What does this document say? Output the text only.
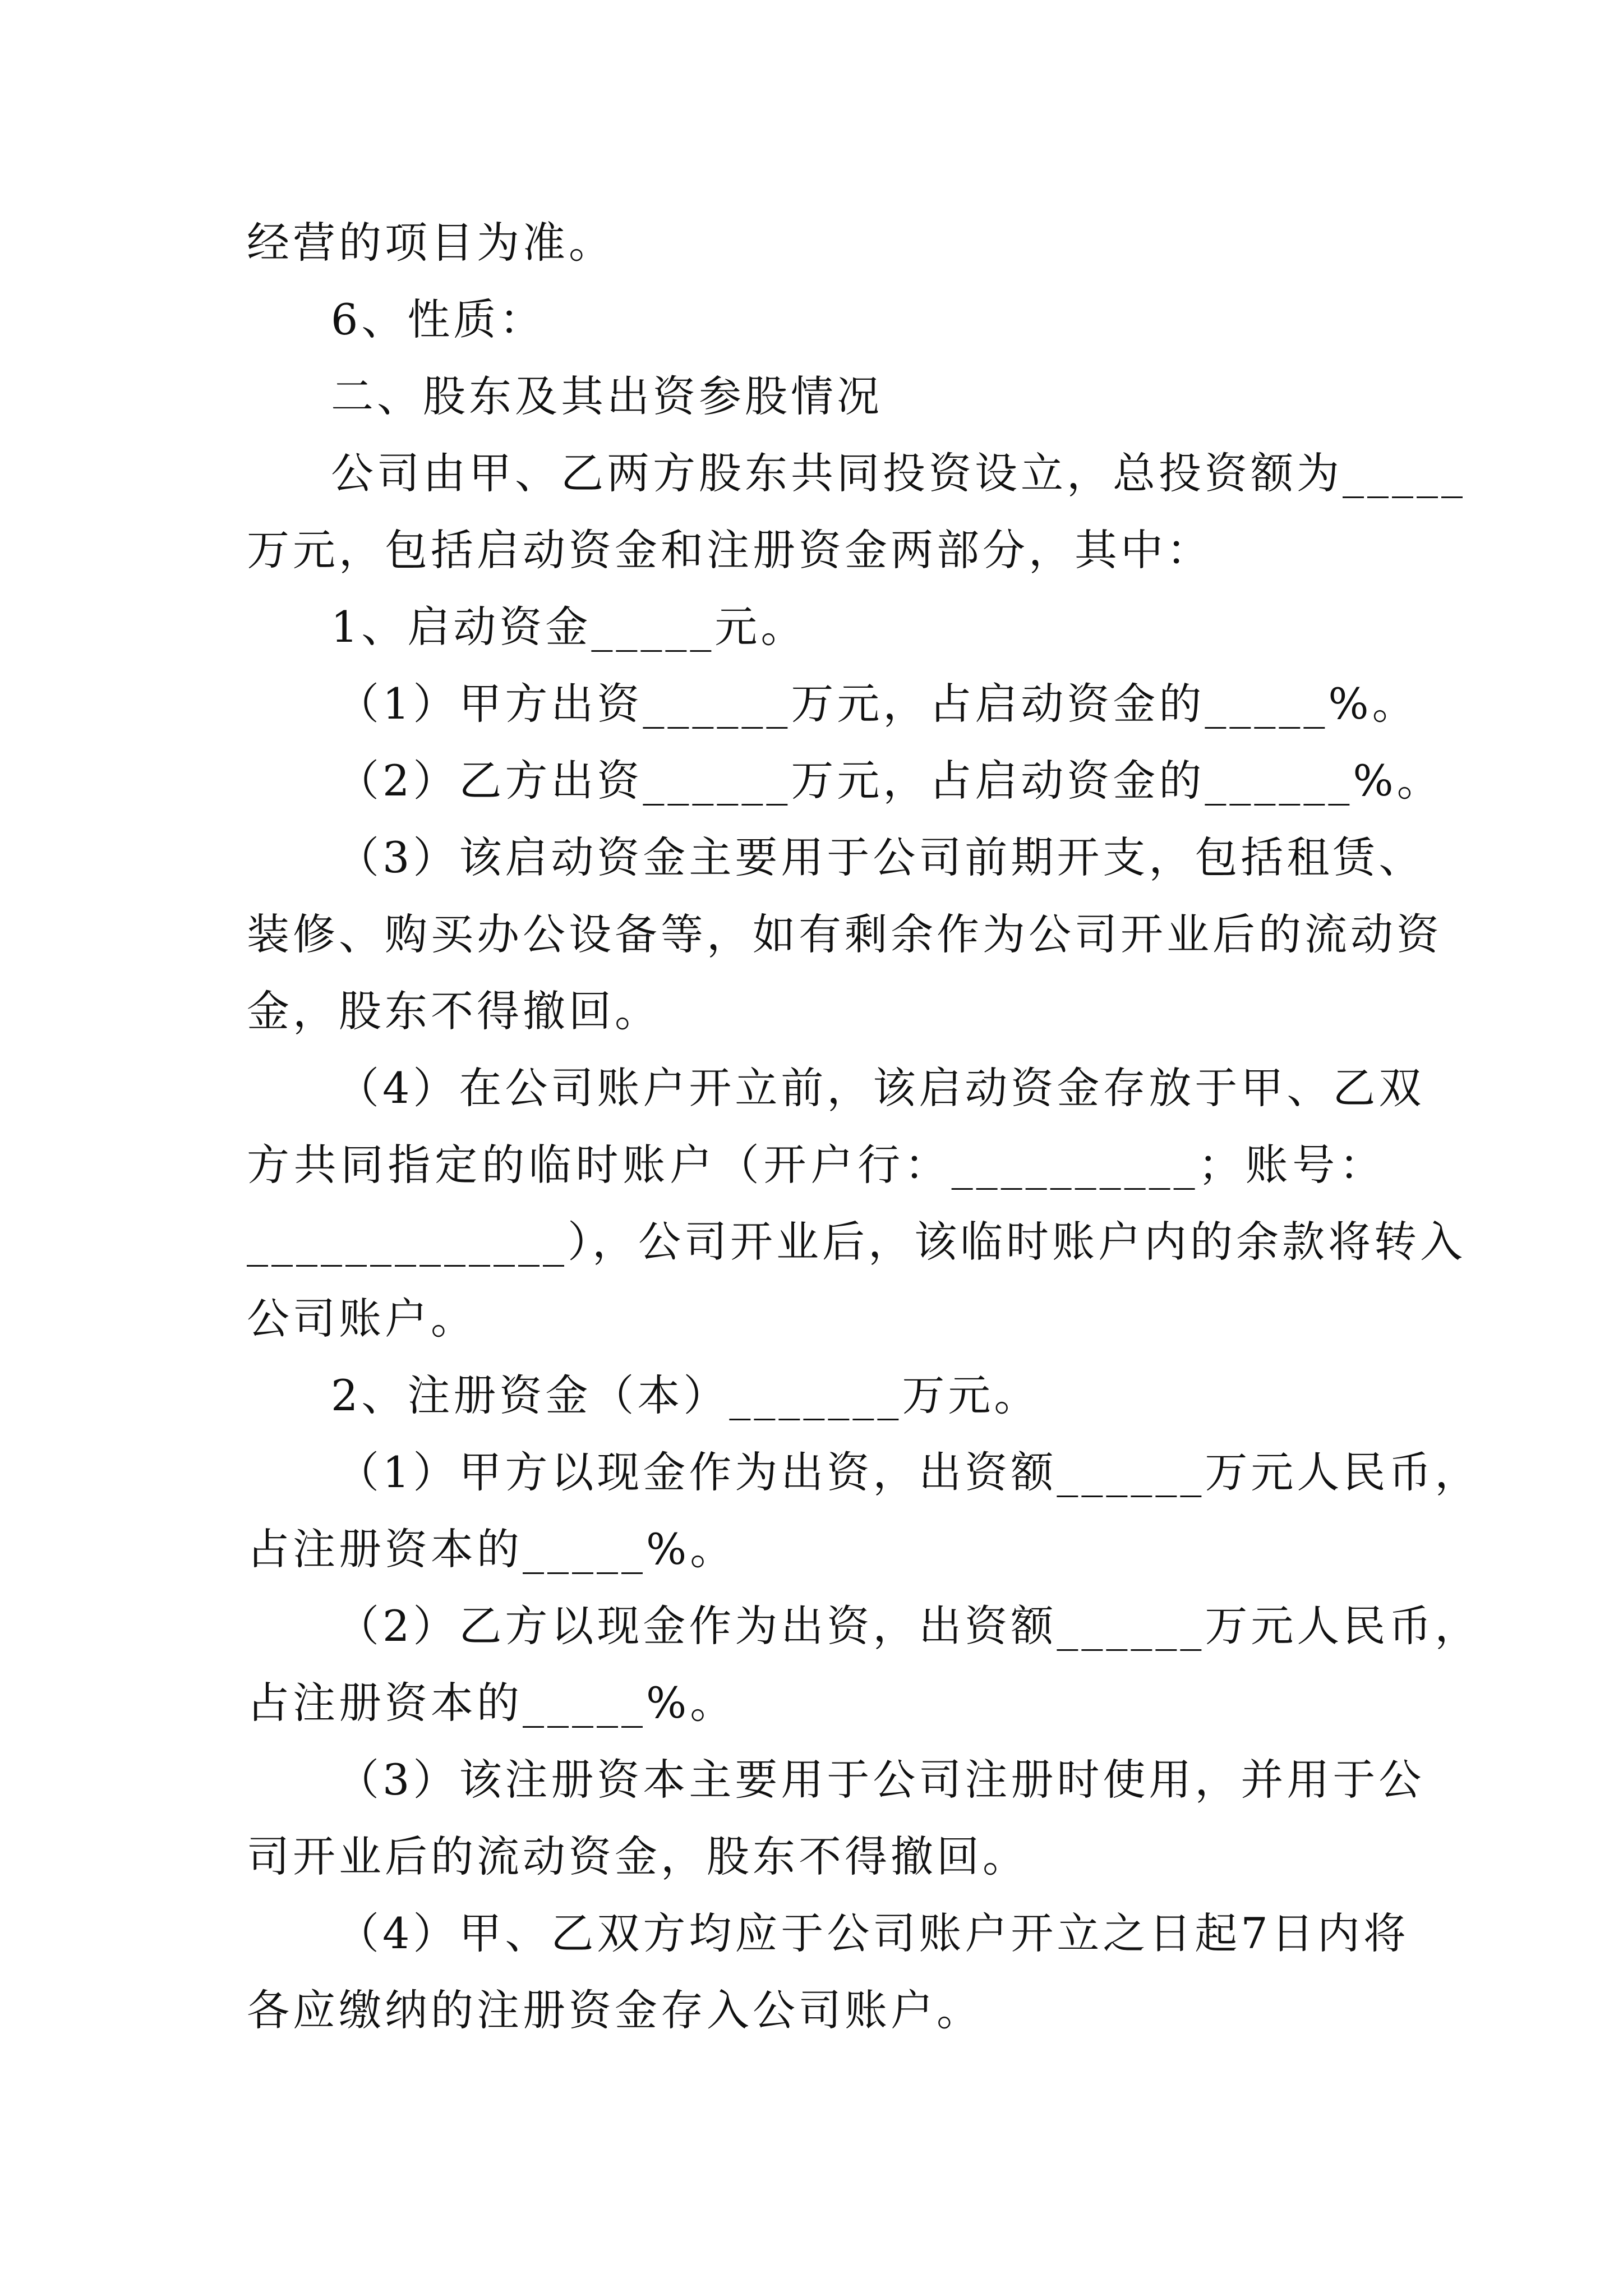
经营的项目为准。
6、性质：
二、股东及其出资参股情况
公司由甲、乙两方股东共同投资设立，总投资额为_____
万元，包括启动资金和注册资金两部分，其中：
1、启动资金_____元。
（1）甲方出资______万元，占启动资金的_____%。
（2）乙方出资______万元，占启动资金的______%。
（3）该启动资金主要用于公司前期开支，包括租赁、
装修、购买办公设备等，如有剩余作为公司开业后的流动资
金，股东不得撤回。
（4）在公司账户开立前，该启动资金存放于甲、乙双
方共同指定的临时账户（开户行：__________；账号：
_____________），公司开业后，该临时账户内的余款将转入
公司账户。
2、注册资金（本）_______万元。
（1）甲方以现金作为出资，出资额______万元人民币，
占注册资本的_____%。
（2）乙方以现金作为出资，出资额______万元人民币，
占注册资本的_____%。
（3）该注册资本主要用于公司注册时使用，并用于公
司开业后的流动资金，股东不得撤回。
（4）甲、乙双方均应于公司账户开立之日起7日内将
各应缴纳的注册资金存入公司账户。
